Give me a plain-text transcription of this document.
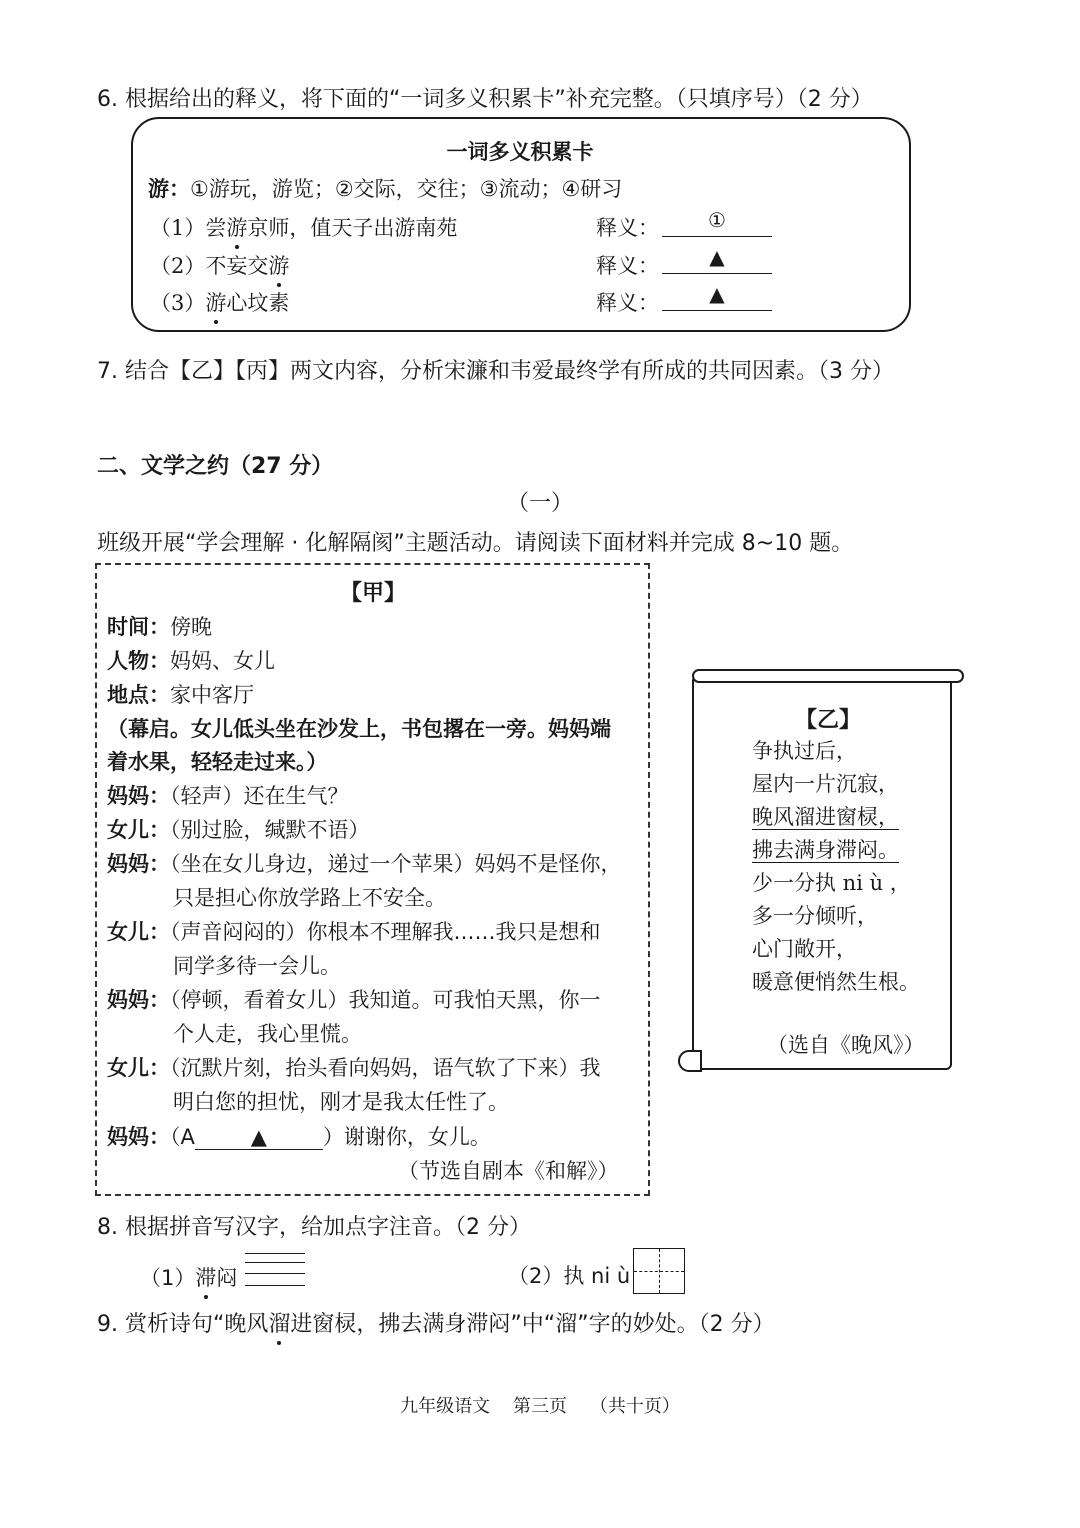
6. 根据给出的释义，将下面的“一词多义积累卡”补充完整。（只填序号）（2 分）
一词多义积累卡
游：①游玩，游览；②交际，交往；③流动；④研习
（1）尝游京师，值天子出游南苑	释义：	①
（2）不妄交游	释义：	▲
（3）游心坟素	释义：	▲
7. 结合【乙】【丙】两文内容，分析宋濂和韦爱最终学有所成的共同因素。（3 分）
二、文学之约（27 分）
（一）
班级开展“学会理解 · 化解隔阂”主题活动。请阅读下面材料并完成 8~10 题。
【甲】
时间：傍晚
人物：妈妈、女儿
地点：家中客厅
（幕启。女儿低头坐在沙发上，书包撂在一旁。妈妈端
着水果，轻轻走过来。）
妈妈：（轻声）还在生气？
女儿：（别过脸，缄默不语）
妈妈：（坐在女儿身边，递过一个苹果）妈妈不是怪你，
只是担心你放学路上不安全。
女儿：（声音闷闷的）你根本不理解我……我只是想和
同学多待一会儿。
妈妈：（停顿，看着女儿）我知道。可我怕天黑，你一
个人走，我心里慌。
女儿：（沉默片刻，抬头看向妈妈，语气软了下来）我
明白您的担忧，刚才是我太任性了。
妈妈：（A	▲	）谢谢你，女儿。
（节选自剧本《和解》）
【乙】
争执过后，
屋内一片沉寂，
晚风溜进窗棂，
拂去满身滞闷。
少一分执 ni ù ，
多一分倾听，
心门敞开，
暖意便悄然生根。
（选自《晚风》）
8. 根据拼音写汉字，给加点字注音。（2 分）
（1）滞闷	（2）执 ni ù
9. 赏析诗句“晚风溜进窗棂，拂去满身滞闷”中“溜”字的妙处。（2 分）
九年级语文    第三页    （共十页）
